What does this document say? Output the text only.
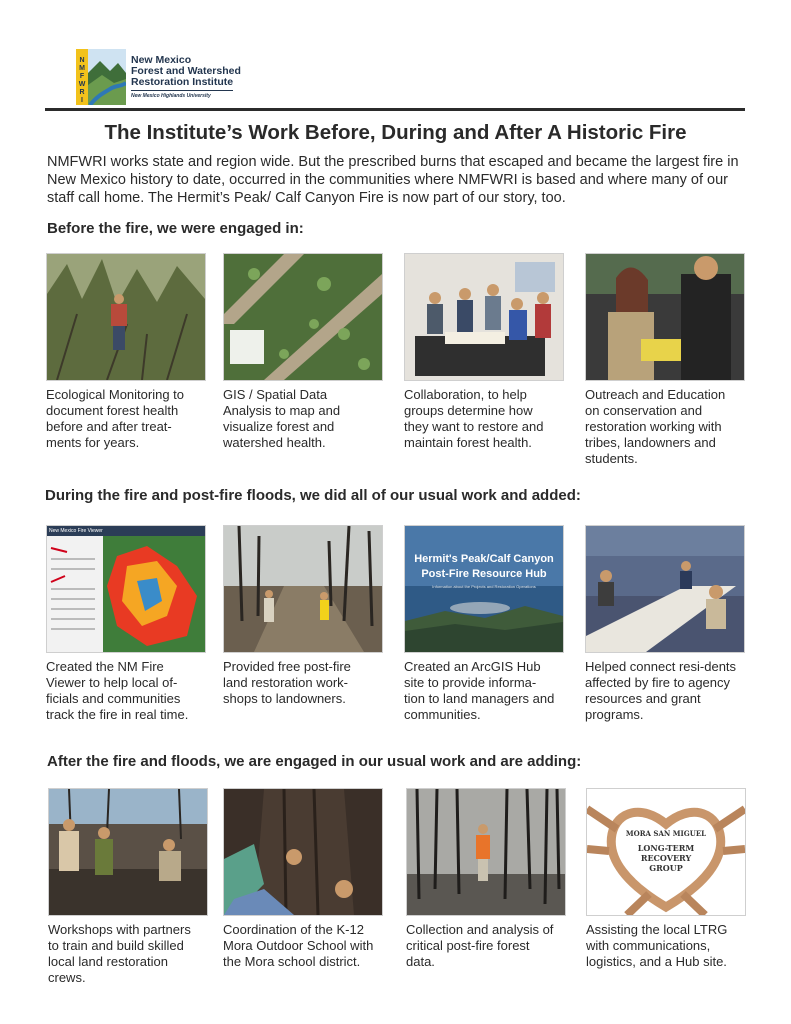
N
M
F
W
R
I
New Mexico
Forest and Watershed
Restoration Institute
New Mexico Highlands University
The Institute’s Work Before, During and After A Historic Fire
NMFWRI works state and region wide. But the prescribed burns that escaped and became the largest fire in New Mexico history to date, occurred in the communities where NMFWRI is based and where many of our staff call home. The Hermit’s Peak/ Calf Canyon Fire is now part of our story, too.
Before the fire, we were engaged in:
Ecological Monitoring to document forest health before and after treat-ments for years.
GIS / Spatial Data Analysis to map and visualize forest and watershed health.
Collaboration, to help groups determine how they want to restore and maintain forest health.
Outreach and Education on conservation and restoration working with tribes, landowners and students.
During the fire and post-fire floods, we did all of our usual work and added:
New Mexico Fire Viewer
Created the NM Fire Viewer to help local of-ficials and communities track the fire in real time.
Provided free post-fire land restoration work-shops to landowners.
Hermit's Peak/Calf Canyon
Post-Fire Resource Hub
Information about the Projects and Restoration Operations
Created an ArcGIS Hub site to provide informa-tion to land managers and communities.
Helped connect resi-dents affected by fire to agency resources and grant programs.
After the fire and floods, we are engaged in our usual work and are adding:
Workshops with partners to train and build skilled local land restoration crews.
Coordination of the K-12 Mora Outdoor School with the Mora school district.
Collection and analysis of critical post-fire forest data.
MORA SAN MIGUEL
LONG-TERM
RECOVERY
GROUP
Assisting the local LTRG with communications, logistics, and a Hub site.
